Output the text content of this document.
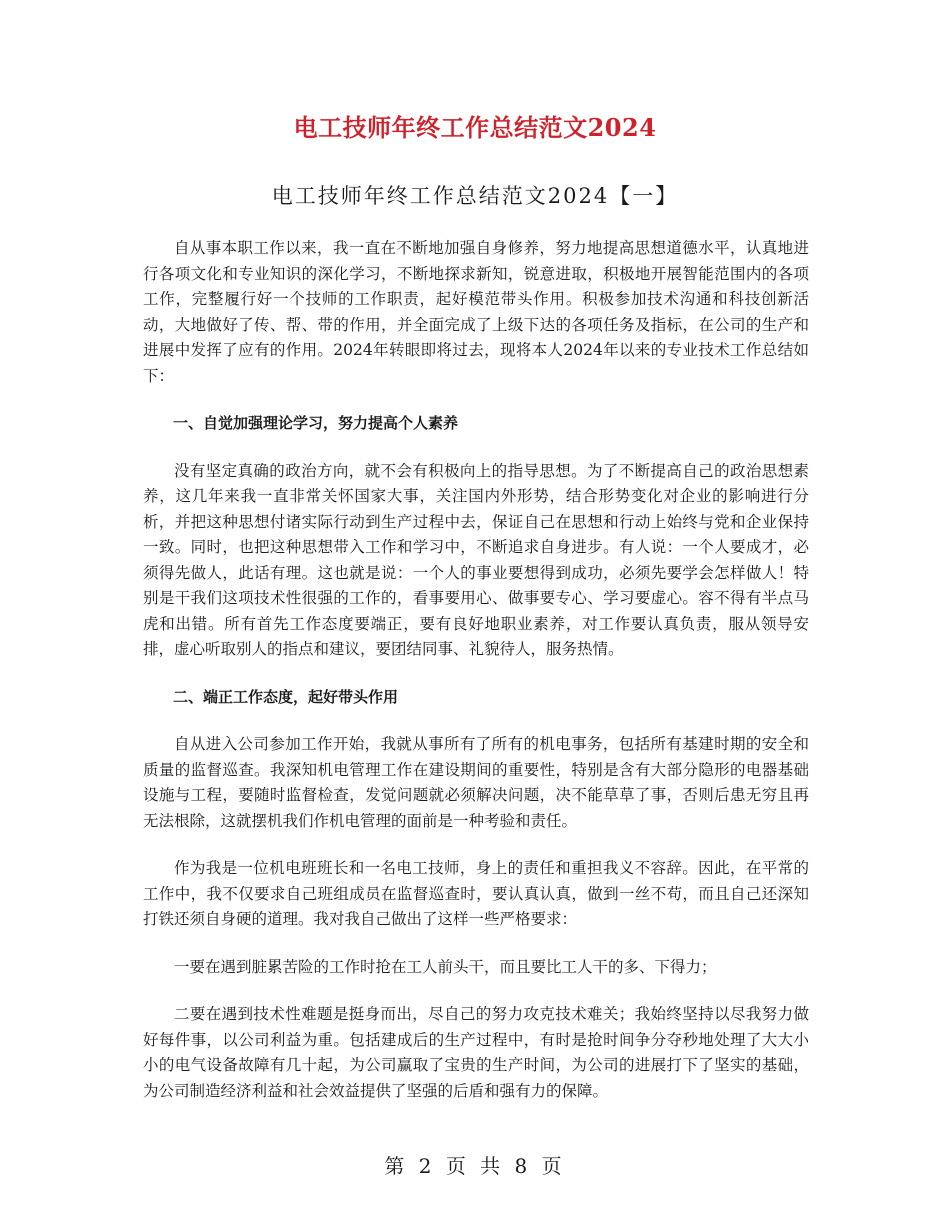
电工技师年终工作总结范文2024
电工技师年终工作总结范文2024【一】

自从事本职工作以来，我一直在不断地加强自身修养，努力地提高思想道德水平，认真地进行各项文化和专业知识的深化学习，不断地探求新知，锐意进取，积极地开展智能范围内的各项工作，完整履行好一个技师的工作职责，起好模范带头作用。积极参加技术沟通和科技创新活动，大地做好了传、帮、带的作用，并全面完成了上级下达的各项任务及指标，在公司的生产和进展中发挥了应有的作用。2024年转眼即将过去，现将本人2024年以来的专业技术工作总结如下：

一、自觉加强理论学习，努力提高个人素养

没有坚定真确的政治方向，就不会有积极向上的指导思想。为了不断提高自己的政治思想素养，这几年来我一直非常关怀国家大事，关注国内外形势，结合形势变化对企业的影响进行分析，并把这种思想付诸实际行动到生产过程中去，保证自己在思想和行动上始终与党和企业保持一致。同时，也把这种思想带入工作和学习中，不断追求自身进步。有人说：一个人要成才，必须得先做人，此话有理。这也就是说：一个人的事业要想得到成功，必须先要学会怎样做人！特别是干我们这项技术性很强的工作的，看事要用心、做事要专心、学习要虚心。容不得有半点马虎和出错。所有首先工作态度要端正，要有良好地职业素养，对工作要认真负责，服从领导安排，虚心听取别人的指点和建议，要团结同事、礼貌待人，服务热情。

二、端正工作态度，起好带头作用

自从进入公司参加工作开始，我就从事所有了所有的机电事务，包括所有基建时期的安全和质量的监督巡查。我深知机电管理工作在建设期间的重要性，特别是含有大部分隐形的电器基础设施与工程，要随时监督检查，发觉问题就必须解决问题，决不能草草了事，否则后患无穷且再无法根除，这就摆机我们作机电管理的面前是一种考验和责任。

作为我是一位机电班班长和一名电工技师，身上的责任和重担我义不容辞。因此，在平常的工作中，我不仅要求自己班组成员在监督巡查时，要认真认真，做到一丝不苟，而且自己还深知打铁还须自身硬的道理。我对我自己做出了这样一些严格要求：

一要在遇到脏累苦险的工作时抢在工人前头干，而且要比工人干的多、下得力；

二要在遇到技术性难题是挺身而出，尽自己的努力攻克技术难关；我始终坚持以尽我努力做好每件事，以公司利益为重。包括建成后的生产过程中，有时是抢时间争分夺秒地处理了大大小小的电气设备故障有几十起，为公司赢取了宝贵的生产时间，为公司的进展打下了坚实的基础，为公司制造经济利益和社会效益提供了坚强的后盾和强有力的保障。

第 2 页 共 8 页
